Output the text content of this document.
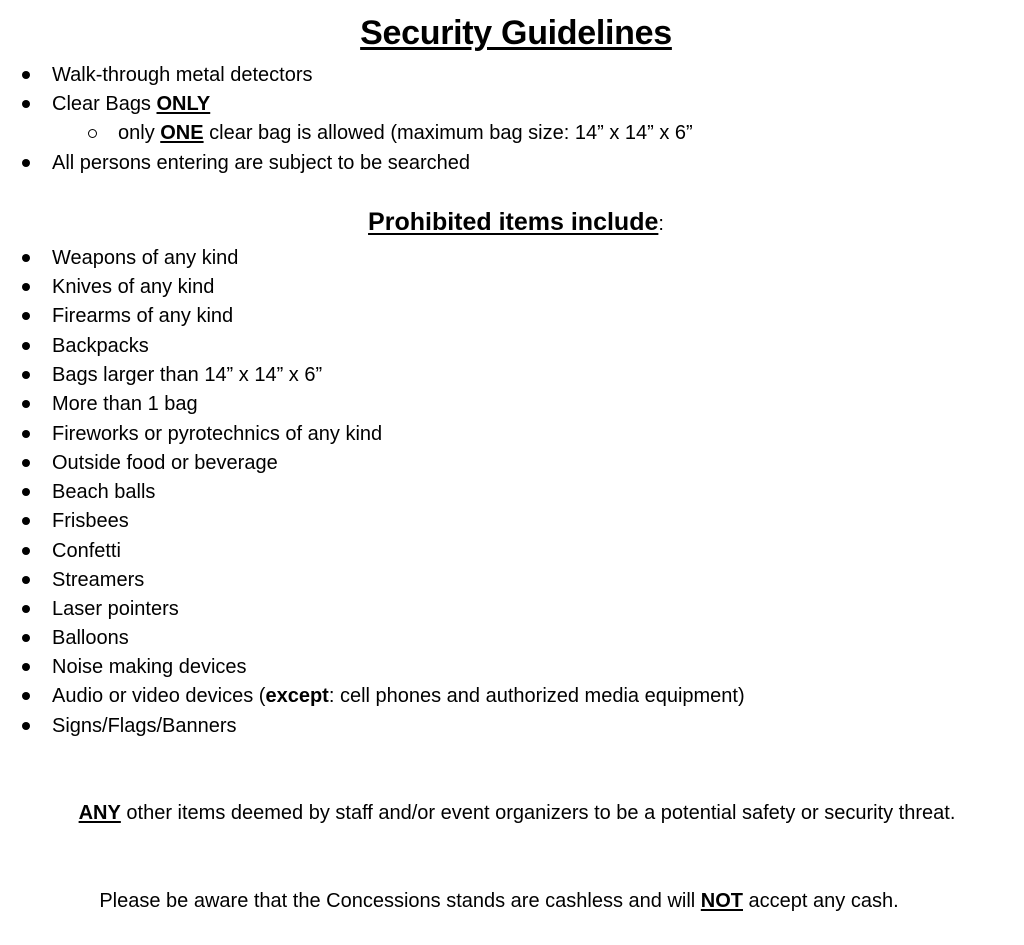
Security Guidelines
Walk-through metal detectors
Clear Bags ONLY
only ONE clear bag is allowed (maximum bag size: 14” x 14” x 6”
All persons entering are subject to be searched
Prohibited items include:
Weapons of any kind
Knives of any kind
Firearms of any kind
Backpacks
Bags larger than 14” x 14” x 6”
More than 1 bag
Fireworks or pyrotechnics of any kind
Outside food or beverage
Beach balls
Frisbees
Confetti
Streamers
Laser pointers
Balloons
Noise making devices
Audio or video devices (except: cell phones and authorized media equipment)
Signs/Flags/Banners
ANY other items deemed by staff and/or event organizers to be a potential safety or security threat.
Please be aware that the Concessions stands are cashless and will NOT accept any cash.
